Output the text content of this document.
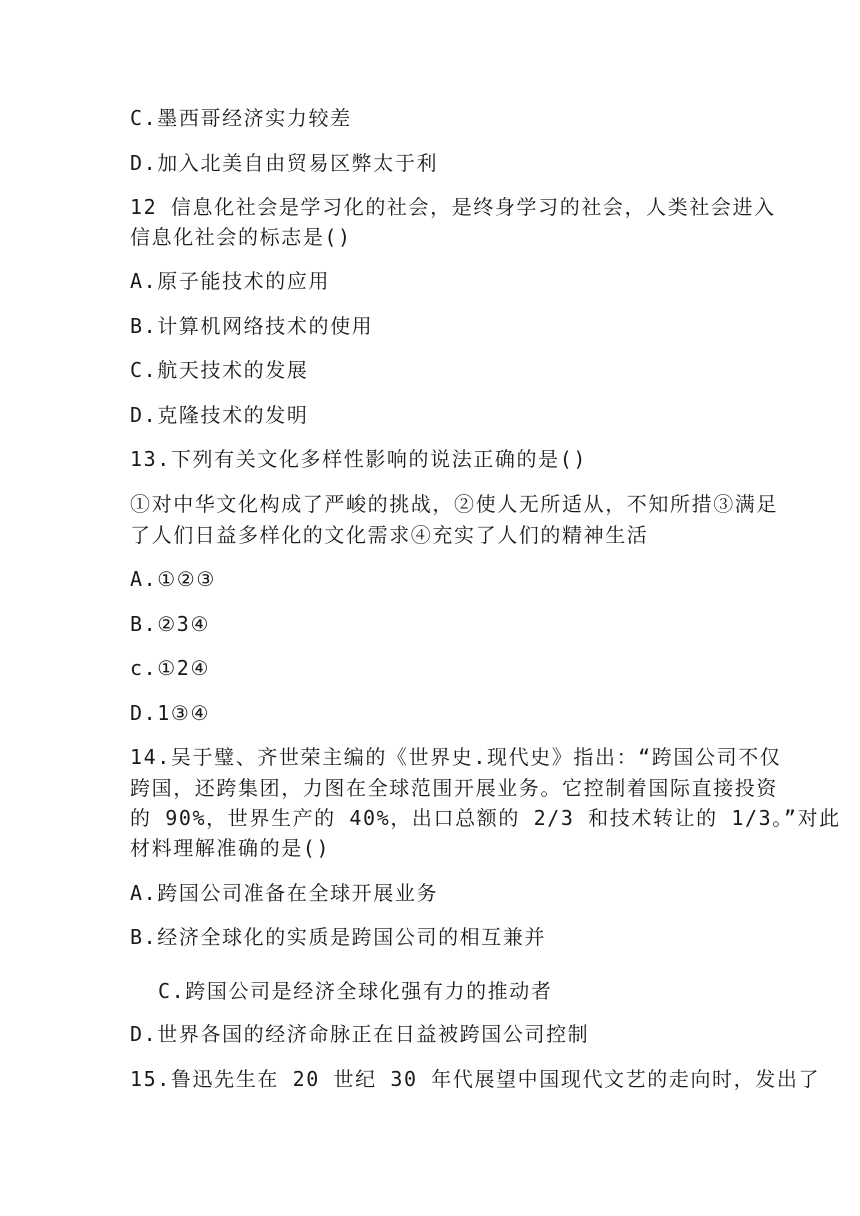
C.墨西哥经济实力较差
D.加入北美自由贸易区弊太于利
12 信息化社会是学习化的社会，是终身学习的社会，人类社会进入
信息化社会的标志是()
A.原子能技术的应用
B.计算机网络技术的使用
C.航天技术的发展
D.克隆技术的发明
13.下列有关文化多样性影响的说法正确的是()
①对中华文化构成了严峻的挑战，②使人无所适从，不知所措③满足
了人们日益多样化的文化需求④充实了人们的精神生活
A.①②③
B.②3④
c.①2④
D.1③④
14.吴于璧、齐世荣主编的《世界史.现代史》指出：“跨国公司不仅
跨国，还跨集团，力图在全球范围开展业务。它控制着国际直接投资
的 90%，世界生产的 40%，出口总额的 2/3 和技术转让的 1/3。”对此
材料理解准确的是()
A.跨国公司准备在全球开展业务
B.经济全球化的实质是跨国公司的相互兼并
C.跨国公司是经济全球化强有力的推动者
D.世界各国的经济命脉正在日益被跨国公司控制
15.鲁迅先生在 20 世纪 30 年代展望中国现代文艺的走向时，发出了
